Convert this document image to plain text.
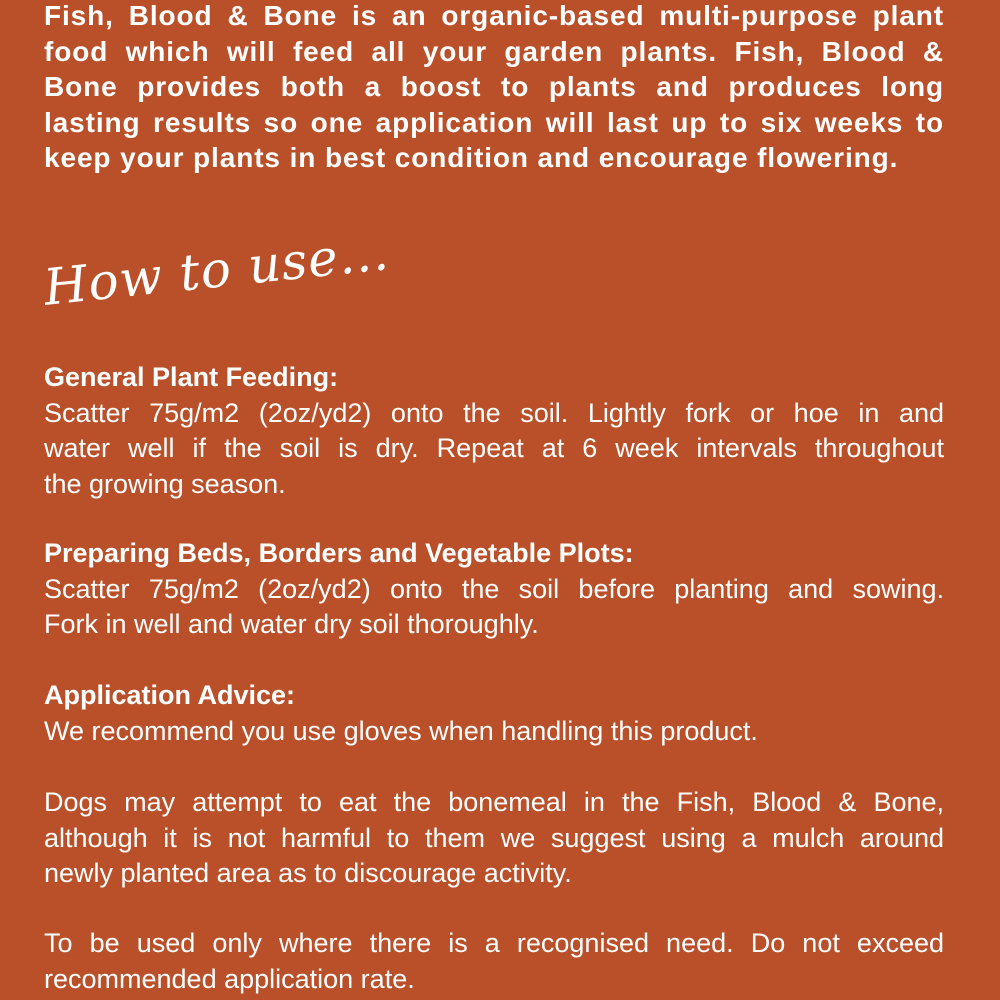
Fish, Blood & Bone is an organic-based multi-purpose plant
food which will feed all your garden plants. Fish, Blood &
Bone provides both a boost to plants and produces long
lasting results so one application will last up to six weeks to
keep your plants in best condition and encourage flowering.
How to use...
General Plant Feeding:

Scatter 75g/m2 (2oz/yd2) onto the soil. Lightly fork or hoe in and
water well if the soil is dry. Repeat at 6 week intervals throughout
the growing season.

Preparing Beds, Borders and Vegetable Plots:

Scatter 75g/m2 (2oz/yd2) onto the soil before planting and sowing.
Fork in well and water dry soil thoroughly.

Application Advice:

We recommend you use gloves when handling this product.

Dogs may attempt to eat the bonemeal in the Fish, Blood & Bone,
although it is not harmful to them we suggest using a mulch around
newly planted area as to discourage activity.

To be used only where there is a recognised need. Do not exceed
recommended application rate.
